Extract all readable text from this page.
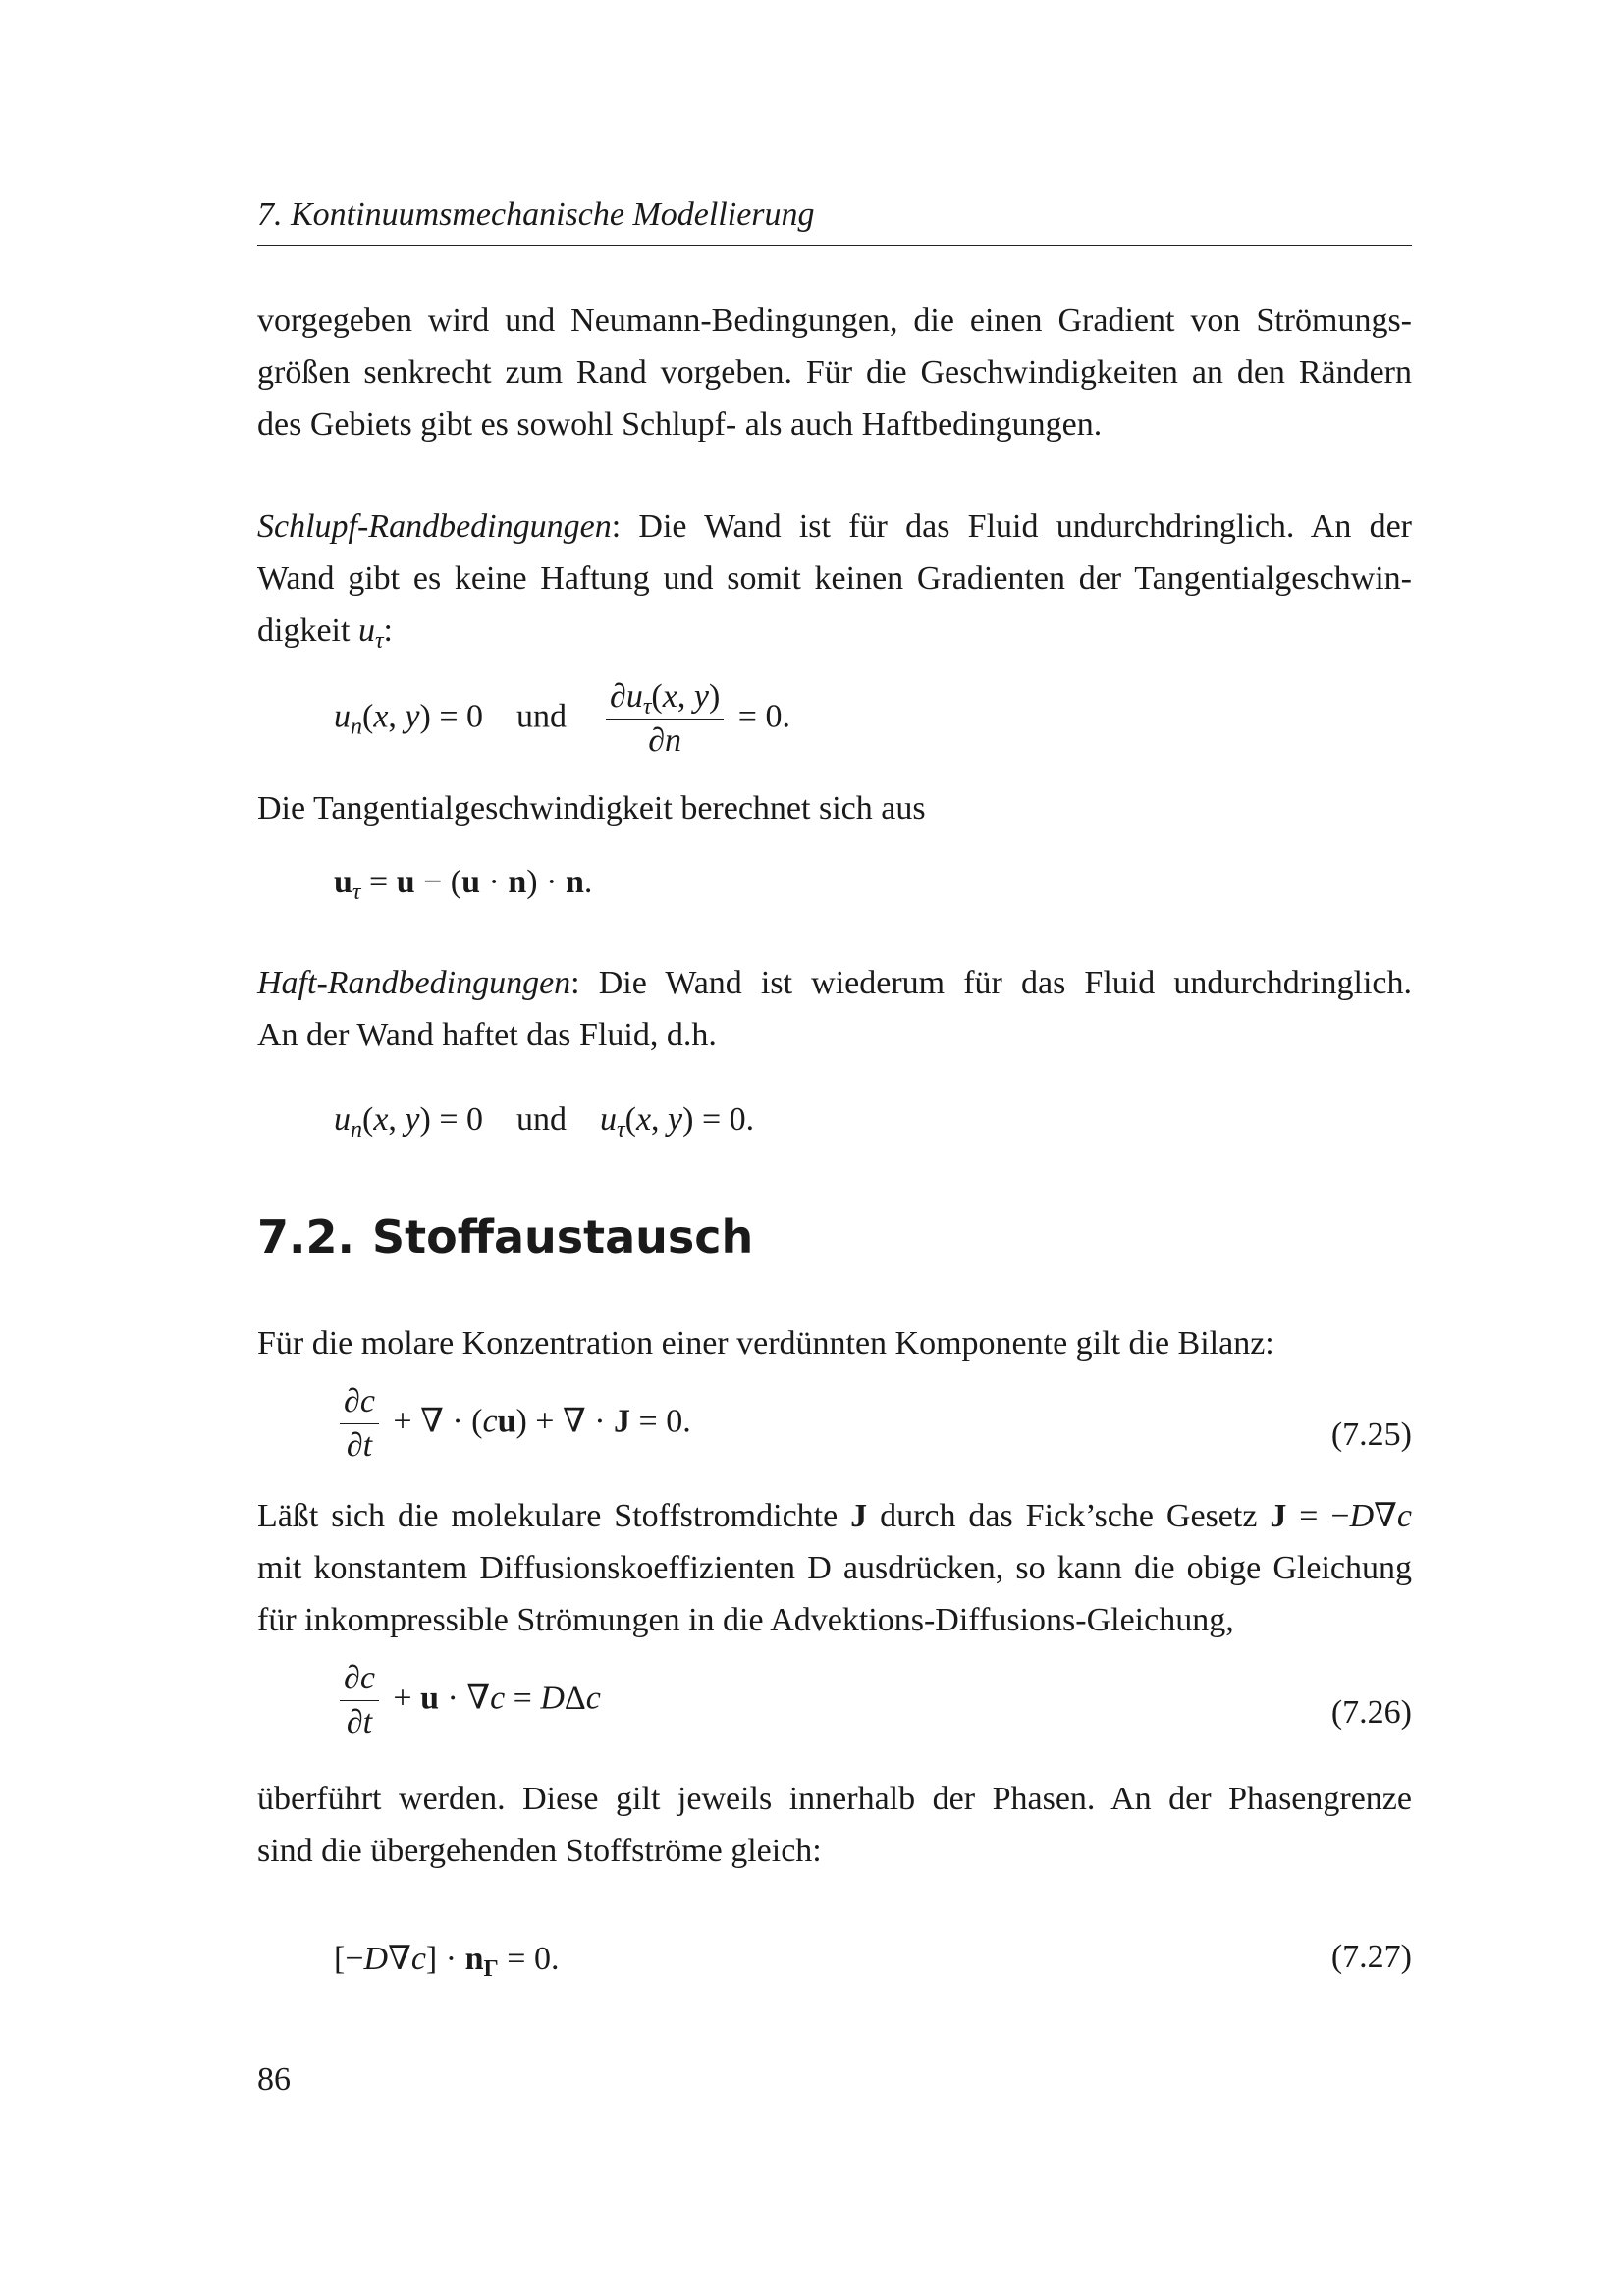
7. Kontinuumsmechanische Modellierung
vorgegeben wird und Neumann-Bedingungen, die einen Gradient von Strömungs-
größen senkrecht zum Rand vorgeben. Für die Geschwindigkeiten an den Rändern
des Gebiets gibt es sowohl Schlupf- als auch Haftbedingungen.
Schlupf-Randbedingungen: Die Wand ist für das Fluid undurchdringlich. An der
Wand gibt es keine Haftung und somit keinen Gradienten der Tangentialgeschwin-
digkeit $u_\tau$:
$u_n(x$, y) = 0 und $\frac{\partial u_\tau(x, y)}{\partial n} = 0$.
Die Tangentialgeschwindigkeit berechnet sich aus
$u_\tau = u - (u \cdot n) \cdot n$.
Haft-Randbedingungen: Die Wand ist wiederum für das Fluid undurchdringlich.
An der Wand haftet das Fluid, d.h.
$u_n(x$, y) = 0 und $u_\tau(x$, y) = 0.
7.2. Stoffaustausch
Für die molare Konzentration einer verdünnten Komponente gilt die Bilanz:
$\frac{\partial c}{\partial t}$ + ∇ · (cu) + ∇ · J = 0.	(7.25)
Läßt sich die molekulare Stoffstromdichte J durch das Fick’sche Gesetz J = −D∇c
mit konstantem Diffusionskoeffizienten D ausdrücken, so kann die obige Gleichung
für inkompressible Strömungen in die Advektions-Diffusions-Gleichung,
$\frac{\partial c}{\partial t} + u \cdot \nabla c = D\Delta c$	(7.26)
überführt werden. Diese gilt jeweils innerhalb der Phasen. An der Phasengrenze
sind die übergehenden Stoffströme gleich:
$[-D\nabla c] \cdot n_\Gamma = 0$.	(7.27)
86
